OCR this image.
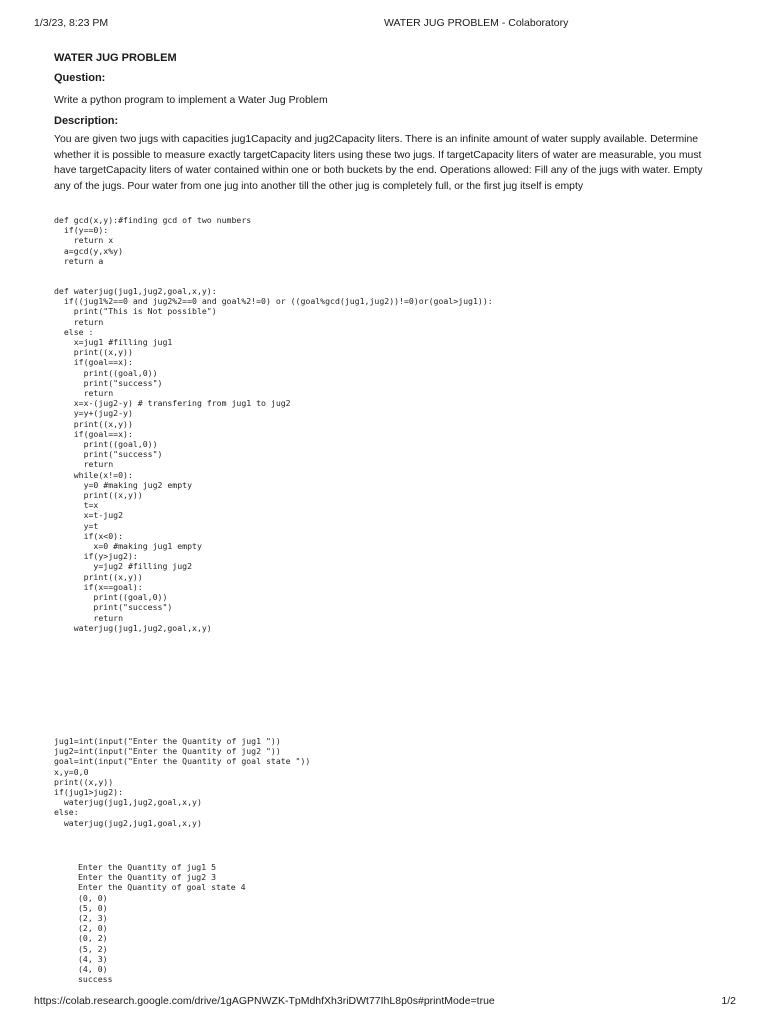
1/3/23, 8:23 PM	WATER JUG PROBLEM - Colaboratory
WATER JUG PROBLEM
Question:
Write a python program to implement a Water Jug Problem
Description:

You are given two jugs with capacities jug1Capacity and jug2Capacity liters. There is an infinite amount of water supply available. Determine whether it is possible to measure exactly targetCapacity liters using these two jugs. If targetCapacity liters of water are measurable, you must have targetCapacity liters of water contained within one or both buckets by the end. Operations allowed: Fill any of the jugs with water. Empty any of the jugs. Pour water from one jug into another till the other jug is completely full, or the first jug itself is empty

def gcd(x,y):#finding gcd of two numbers
if(y==0):
return x
a=gcd(y,x%y)
return a
def waterjug(jug1,jug2,goal,x,y):
if((jug1%2==0 and jug2%2==0 and goal%2!=0) or ((goal%gcd(jug1,jug2))!=0)or(goal>jug1)):
print("This is Not possible")
return
else :
x=jug1 #filling jug1
print((x,y))
if(goal==x):
print((goal,0))
print("success")
return
x=x-(jug2-y) # transfering from jug1 to jug2
y=y+(jug2-y)
print((x,y))
if(goal==x):
print((goal,0))
print("success")
return
while(x!=0):
y=0 #making jug2 empty
print((x,y))
t=x
x=t-jug2
y=t
if(x<0):
x=0 #making jug1 empty
if(y>jug2):
y=jug2 #filling jug2
print((x,y))
if(x==goal):
print((goal,0))
print("success")
return
waterjug(jug1,jug2,goal,x,y)
jug1=int(input("Enter the Quantity of jug1 "))
jug2=int(input("Enter the Quantity of jug2 "))
goal=int(input("Enter the Quantity of goal state "))
x,y=0,0
print((x,y))
if(jug1>jug2):
waterjug(jug1,jug2,goal,x,y)
else:
waterjug(jug2,jug1,goal,x,y)
Enter the Quantity of jug1 5
Enter the Quantity of jug2 3
Enter the Quantity of goal state 4
(0, 0)
(5, 0)
(2, 3)
(2, 0)
(0, 2)
(5, 2)
(4, 3)
(4, 0)
success
https://colab.research.google.com/drive/1gAGPNWZK-TpMdhfXh3riDWt77IhL8p0s#printMode=true	1/2
